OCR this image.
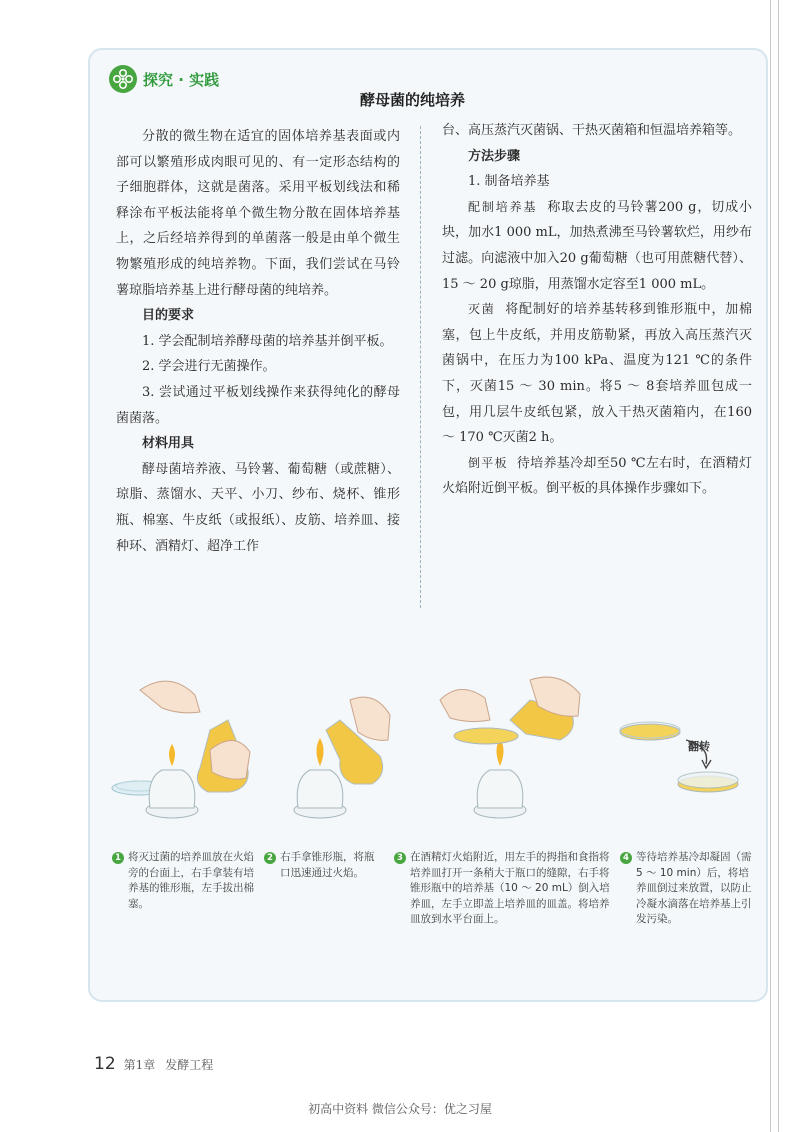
探究 · 实践
酵母菌的纯培养

分散的微生物在适宜的固体培养基表面或内部可以繁殖形成肉眼可见的、有一定形态结构的子细胞群体，这就是菌落。采用平板划线法和稀释涂布平板法能将单个微生物分散在固体培养基上，之后经培养得到的单菌落一般是由单个微生物繁殖形成的纯培养物。下面，我们尝试在马铃薯琼脂培养基上进行酵母菌的纯培养。

目的要求

1. 学会配制培养酵母菌的培养基并倒平板。

2. 学会进行无菌操作。

3. 尝试通过平板划线操作来获得纯化的酵母菌菌落。

材料用具

酵母菌培养液、马铃薯、葡萄糖（或蔗糖）、琼脂、蒸馏水、天平、小刀、纱布、烧杯、锥形瓶、棉塞、牛皮纸（或报纸）、皮筋、培养皿、接种环、酒精灯、超净工作

台、高压蒸汽灭菌锅、干热灭菌箱和恒温培养箱等。

方法步骤

1. 制备培养基

配制培养基 称取去皮的马铃薯200 g，切成小块，加水1 000 mL，加热煮沸至马铃薯软烂，用纱布过滤。向滤液中加入20 g葡萄糖（也可用蔗糖代替）、15 ～ 20 g琼脂，用蒸馏水定容至1 000 mL。

灭菌 将配制好的培养基转移到锥形瓶中，加棉塞，包上牛皮纸，并用皮筋勒紧，再放入高压蒸汽灭菌锅中，在压力为100 kPa、温度为121 ℃的条件下，灭菌15 ～ 30 min。将5 ～ 8套培养皿包成一包，用几层牛皮纸包紧，放入干热灭菌箱内，在160 ～ 170 ℃灭菌2 h。

倒平板 待培养基冷却至50 ℃左右时，在酒精灯火焰附近倒平板。倒平板的具体操作步骤如下。

翻转
1 将灭过菌的培养皿放在火焰旁的台面上，右手拿装有培养基的锥形瓶，左手拔出棉塞。
2 右手拿锥形瓶，将瓶口迅速通过火焰。
3 在酒精灯火焰附近，用左手的拇指和食指将培养皿打开一条稍大于瓶口的缝隙，右手将锥形瓶中的培养基（10 ～ 20 mL）倒入培养皿，左手立即盖上培养皿的皿盖。将培养皿放到水平台面上。
4 等待培养基冷却凝固（需5 ～ 10 min）后，将培养皿倒过来放置，以防止冷凝水滴落在培养基上引发污染。
12 第1章 发酵工程
初高中资料 微信公众号：优之习屋
